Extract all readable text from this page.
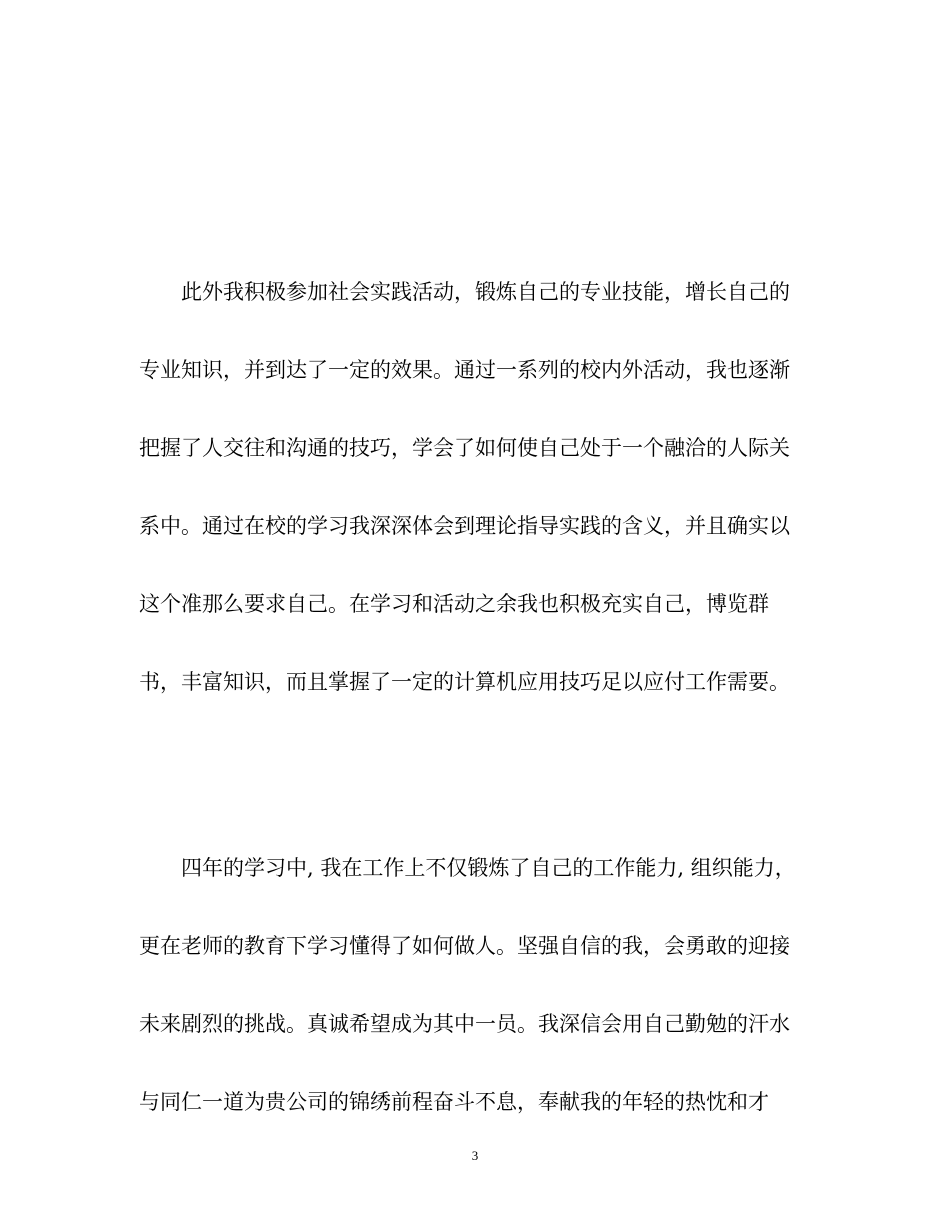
此外我积极参加社会实践活动，锻炼自己的专业技能，增长自己的
专业知识，并到达了一定的效果。通过一系列的校内外活动，我也逐渐
把握了人交往和沟通的技巧，学会了如何使自己处于一个融洽的人际关
系中。通过在校的学习我深深体会到理论指导实践的含义，并且确实以
这个准那么要求自己。在学习和活动之余我也积极充实自己，博览群
书，丰富知识，而且掌握了一定的计算机应用技巧足以应付工作需要。
四年的学习中, 我在工作上不仅锻炼了自己的工作能力, 组织能力，
更在老师的教育下学习懂得了如何做人。坚强自信的我，会勇敢的迎接
未来剧烈的挑战。真诚希望成为其中一员。我深信会用自己勤勉的汗水
与同仁一道为贵公司的锦绣前程奋斗不息，奉献我的年轻的热忱和才
3
